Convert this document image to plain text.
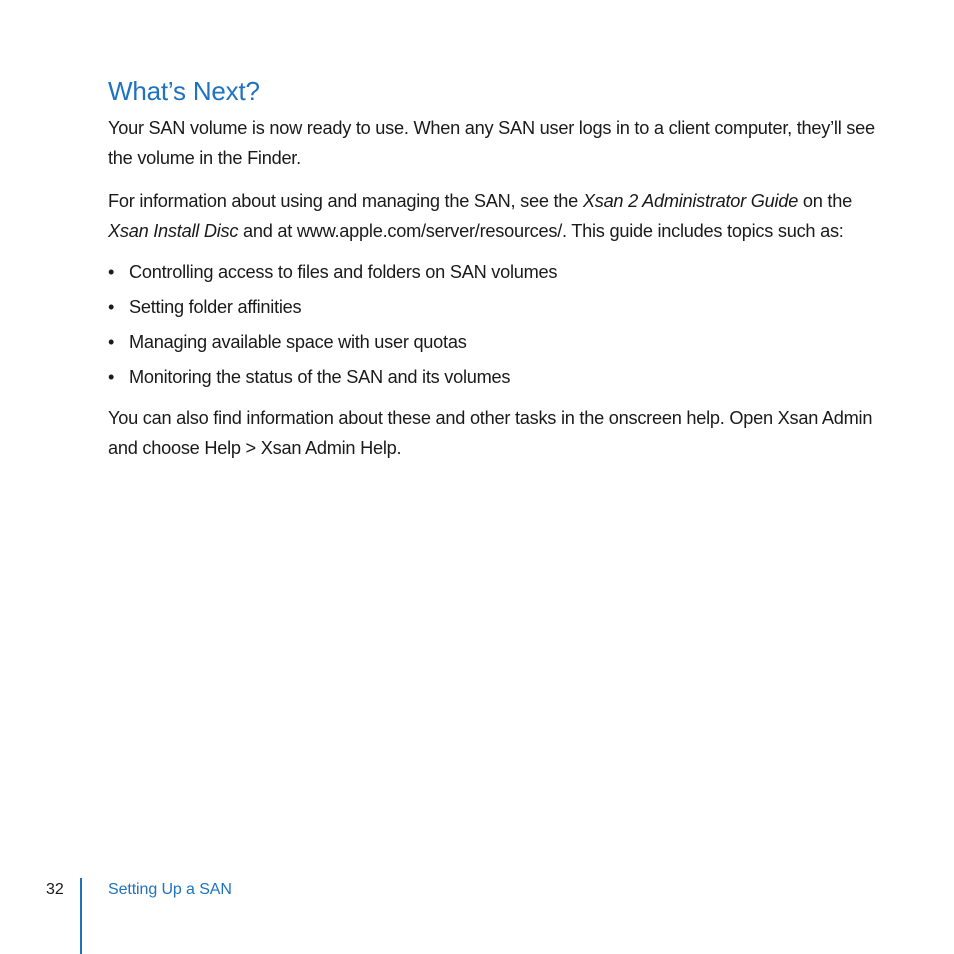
What’s Next?

Your SAN volume is now ready to use. When any SAN user logs in to a client computer, they’ll see the volume in the Finder.

For information about using and managing the SAN, see the Xsan 2 Administrator Guide on the Xsan Install Disc and at www.apple.com/server/resources/. This guide includes topics such as:

• Controlling access to files and folders on SAN volumes
• Setting folder affinities
• Managing available space with user quotas
• Monitoring the status of the SAN and its volumes

You can also find information about these and other tasks in the onscreen help. Open Xsan Admin and choose Help > Xsan Admin Help.

32	Setting Up a SAN
